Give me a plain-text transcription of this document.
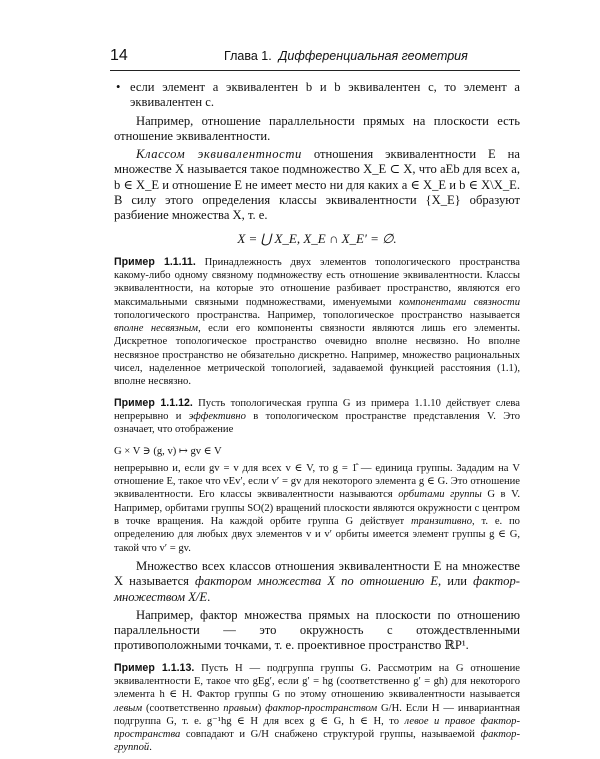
14	Глава 1. Дифференциальная геометрия

• если элемент a эквивалентен b и b эквивалентен c, то элемент a эквивалентен c.

Например, отношение параллельности прямых на плоскости есть отношение эквивалентности.

Классом эквивалентности отношения эквивалентности E на множестве X называется такое подмножество X_E ⊂ X, что aEb для всех a, b ∈ X_E и отношение E не имеет место ни для каких a ∈ X_E и b ∈ X\X_E. В силу этого определения классы эквивалентности {X_E} образуют разбиение множества X, т. е.

X = ⋃ X_E, X_E ∩ X_E′ = ∅.

Пример 1.1.11. Принадлежность двух элементов топологического пространства какому-либо одному связному подмножеству есть отношение эквивалентности. Классы эквивалентности, на которые это отношение разбивает пространство, являются его максимальными связными подмножествами, именуемыми компонентами связности топологического пространства. Например, топологическое пространство называется вполне несвязным, если его компоненты связности являются лишь его элементы. Дискретное топологическое пространство очевидно вполне несвязно. Но вполне несвязное пространство не обязательно дискретно. Например, множество рациональных чисел, наделенное метрической топологией, задаваемой функцией расстояния (1.1), вполне несвязно.

Пример 1.1.12. Пусть топологическая группа G из примера 1.1.10 действует слева непрерывно и эффективно в топологическом пространстве представления V. Это означает, что отображение

G × V ∋ (g, v) ↦ gv ∈ V

непрерывно и, если gv = v для всех v ∈ V, то g = 1̂ — единица группы. Зададим на V отношение E, такое что vEv′, если v′ = gv для некоторого элемента g ∈ G. Это отношение эквивалентности. Его классы эквивалентности называются орбитами группы G в V. Например, орбитами группы SO(2) вращений плоскости являются окружности с центром в точке вращения. На каждой орбите группа G действует транзитивно, т. е. по определению для любых двух элементов v и v′ орбиты имеется элемент группы g ∈ G, такой что v′ = gv.

Множество всех классов отношения эквивалентности E на множестве X называется фактором множества X по отношению E, или фактор-множеством X/E.

Например, фактор множества прямых на плоскости по отношению параллельности — это окружность с отождествленными противоположными точками, т. е. проективное пространство ℝP¹.

Пример 1.1.13. Пусть H — подгруппа группы G. Рассмотрим на G отношение эквивалентности E, такое что gEg′, если g′ = hg (соответственно g′ = gh) для некоторого элемента h ∈ H. Фактор группы G по этому отношению эквивалентности называется левым (соответственно правым) фактор-пространством G/H. Если H — инвариантная подгруппа G, т. е. g⁻¹hg ∈ H для всех g ∈ G, h ∈ H, то левое и правое фактор-пространства совпадают и G/H снабжено структурой группы, называемой фактор-группой.
